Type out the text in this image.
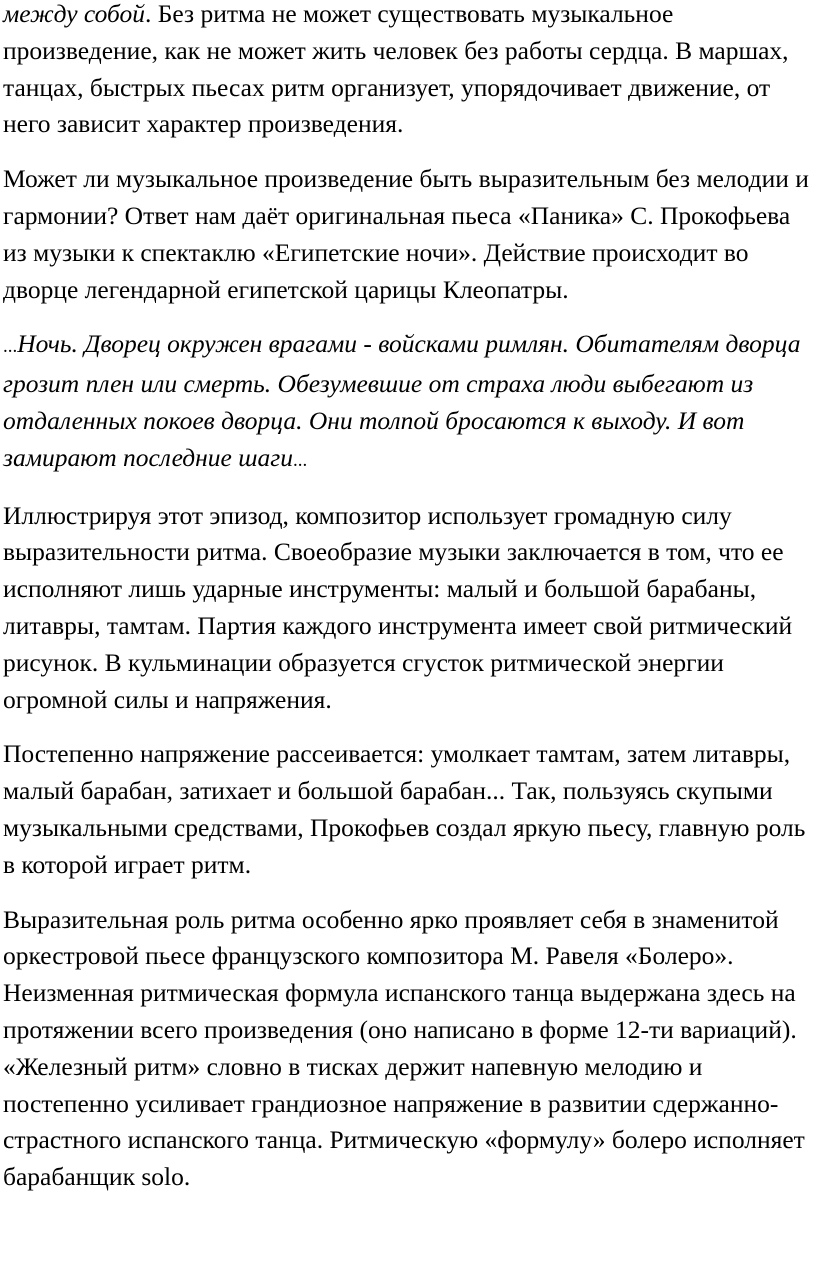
между собой. Без ритма не может существовать музыкальное произведение, как не может жить человек без работы сердца. В маршах, танцах, быстрых пьесах ритм организует, упорядочивает движение, от него зависит характер произведения.

Может ли музыкальное произведение быть выразительным без мелодии и гармонии? Ответ нам даёт оригинальная пьеса «Паника» С. Прокофьева из музыки к спектаклю «Египетские ночи». Действие происходит во дворце легендарной египетской царицы Клеопатры.

...Ночь. Дворец окружен врагами - войсками римлян. Обитателям дворца грозит плен или смерть. Обезумевшие от страха люди выбегают из отдаленных покоев дворца. Они толпой бросаются к выходу. И вот замирают последние шаги...

Иллюстрируя этот эпизод, композитор использует громадную силу выразительности ритма. Своеобразие музыки заключается в том, что ее исполняют лишь ударные инструменты: малый и большой барабаны, литавры, тамтам. Партия каждого инструмента имеет свой ритмический рисунок. В кульминации образуется сгусток ритмической энергии огромной силы и напряжения.

Постепенно напряжение рассеивается: умолкает тамтам, затем литавры, малый барабан, затихает и большой барабан... Так, пользуясь скупыми музыкальными средствами, Прокофьев создал яркую пьесу, главную роль в которой играет ритм.

Выразительная роль ритма особенно ярко проявляет себя в знаменитой оркестровой пьесе французского композитора М. Равеля «Болеро». Неизменная ритмическая формула испанского танца выдержана здесь на протяжении всего произведения (оно написано в форме 12-ти вариаций). «Железный ритм» словно в тисках держит напевную мелодию и постепенно усиливает грандиозное напряжение в развитии сдержанно-страстного испанского танца. Ритмическую «формулу» болеро исполняет барабанщик solo.
